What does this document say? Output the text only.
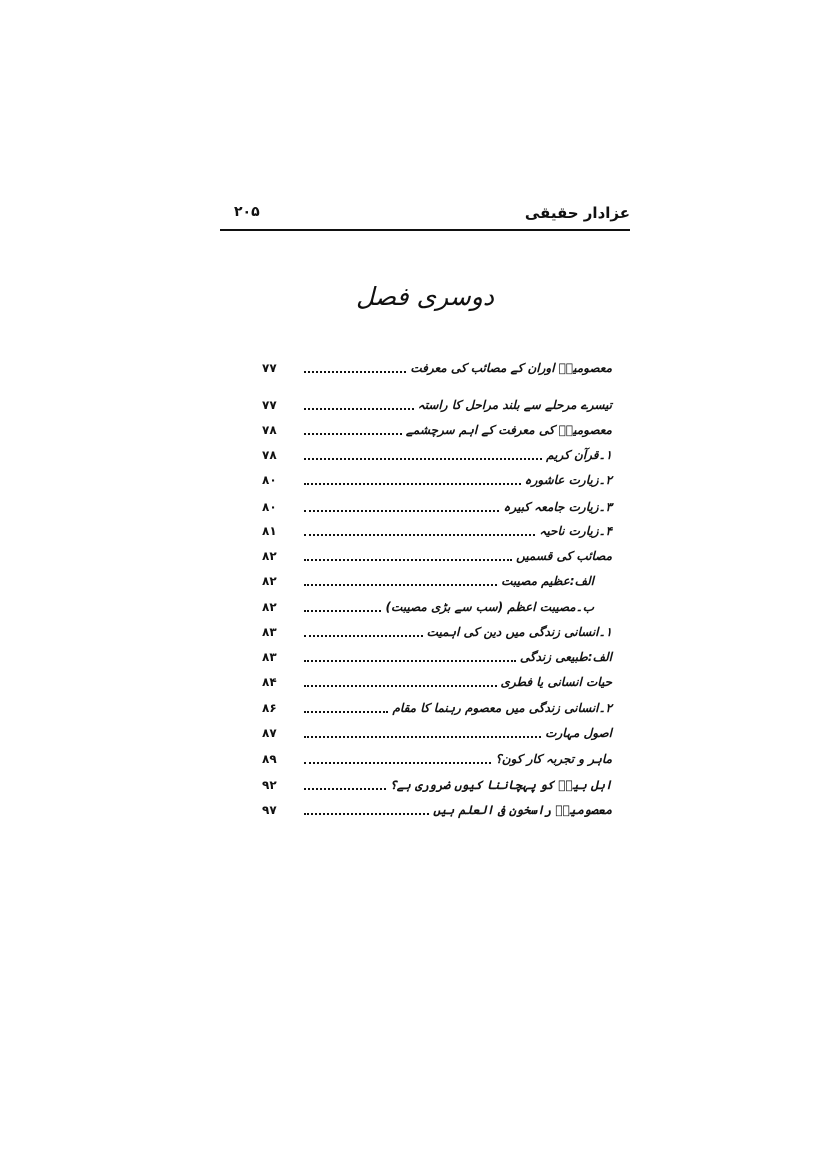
عزادار حقیقی
۲۰۵
دوسری فصل
معصومینؑ اوران کے مصائب کی معرفت
۷۷
تیسرے مرحلے سے بلند مراحل کا راستہ
۷۷
معصومینؑ کی معرفت کے اہم سرچشمے
۷۸
۱۔قرآن کریم
۷۸
۲۔زیارت عاشورہ
۸۰
۳۔زیارت جامعہ کبیرہ
۸۰
۴۔زیارت ناحیہ
۸۱
مصائب کی قسمیں
۸۲
الف:عظیم مصیبت
۸۲
ب۔مصیبت اعظم (سب سے بڑی مصیبت)
۸۲
۱۔انسانی زندگی میں دین کی اہمیت
۸۳
الف:طبیعی زندگی
۸۳
حیات انسانی یا فطری
۸۴
۲۔انسانی زندگی میں معصوم رہنما کا مقام
۸۶
اصول مہارت
۸۷
ماہر و تجربہ کار کون؟
۸۹
اہل بیتؑ کو پہچاننا کیوں ضروری ہے؟
۹۲
معصومینؑ راسخون فی العلم ہیں
۹۷
